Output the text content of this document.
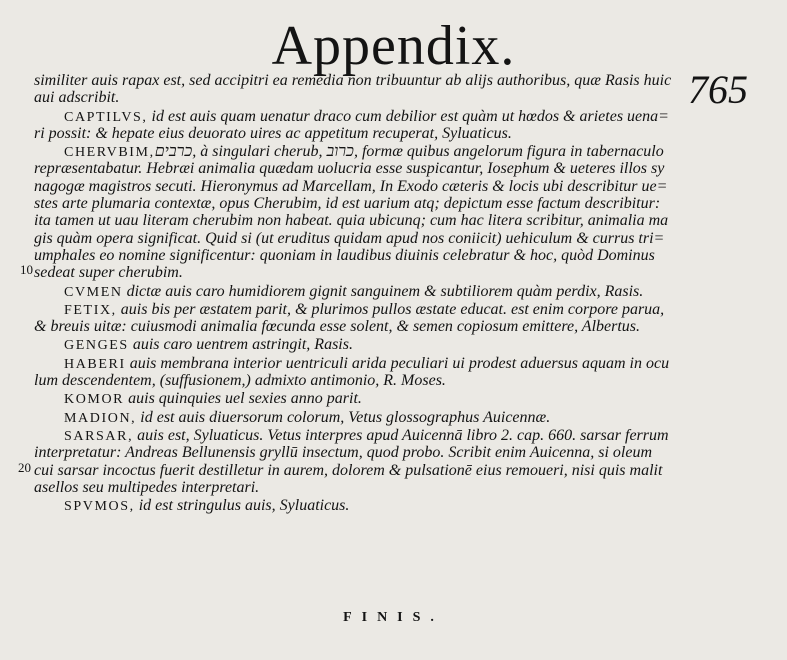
Appendix.
765
10
20
similiter auis rapax est, sed accipitri ea remedia non tribuuntur ab alijs authoribus, quæ Rasis huic
aui adscribit.
CAPTILVS, id est auis quam uenatur draco cum debilior est quàm ut hœdos & arietes uena=
ri possit: & hepate eius deuorato uires ac appetitum recuperat, Syluaticus.
CHERVBIM,כרבים, à singulari cherub, כרוב, formæ quibus angelorum figura in tabernaculo
repræsentabatur. Hebræi animalia quædam uolucria esse suspicantur, Iosephum & ueteres illos sy
nagogæ magistros secuti. Hieronymus ad Marcellam, In Exodo cæteris & locis ubi describitur ue=
stes arte plumaria contextæ, opus Cherubim, id est uarium atq; depictum esse factum describitur:
ita tamen ut uau literam cherubim non habeat. quia ubicunq; cum hac litera scribitur, animalia ma
gis quàm opera significat. Quid si (ut eruditus quidam apud nos coniicit) uehiculum & currus tri=
umphales eo nomine significentur: quoniam in laudibus diuinis celebratur & hoc, quòd Dominus
sedeat super cherubim.
CVMEN dictæ auis caro humidiorem gignit sanguinem & subtiliorem quàm perdix, Rasis.
FETIX, auis bis per æstatem parit, & plurimos pullos æstate educat. est enim corpore parua,
& breuis uitæ: cuiusmodi animalia fœcunda esse solent, & semen copiosum emittere, Albertus.
GENGES auis caro uentrem astringit, Rasis.
HABERI auis membrana interior uentriculi arida peculiari ui prodest aduersus aquam in ocu
lum descendentem, (suffusionem,) admixto antimonio, R. Moses.
KOMOR auis quinquies uel sexies anno parit.
MADION, id est auis diuersorum colorum, Vetus glossographus Auicennæ.
SARSAR, auis est, Syluaticus. Vetus interpres apud Auicennā libro 2. cap. 660. sarsar ferrum
interpretatur: Andreas Bellunensis gryllū insectum, quod probo. Scribit enim Auicenna, si oleum
cui sarsar incoctus fuerit destilletur in aurem, dolorem & pulsationē eius remoueri, nisi quis malit
asellos seu multipedes interpretari.
SPVMOS, id est stringulus auis, Syluaticus.
FINIS.
